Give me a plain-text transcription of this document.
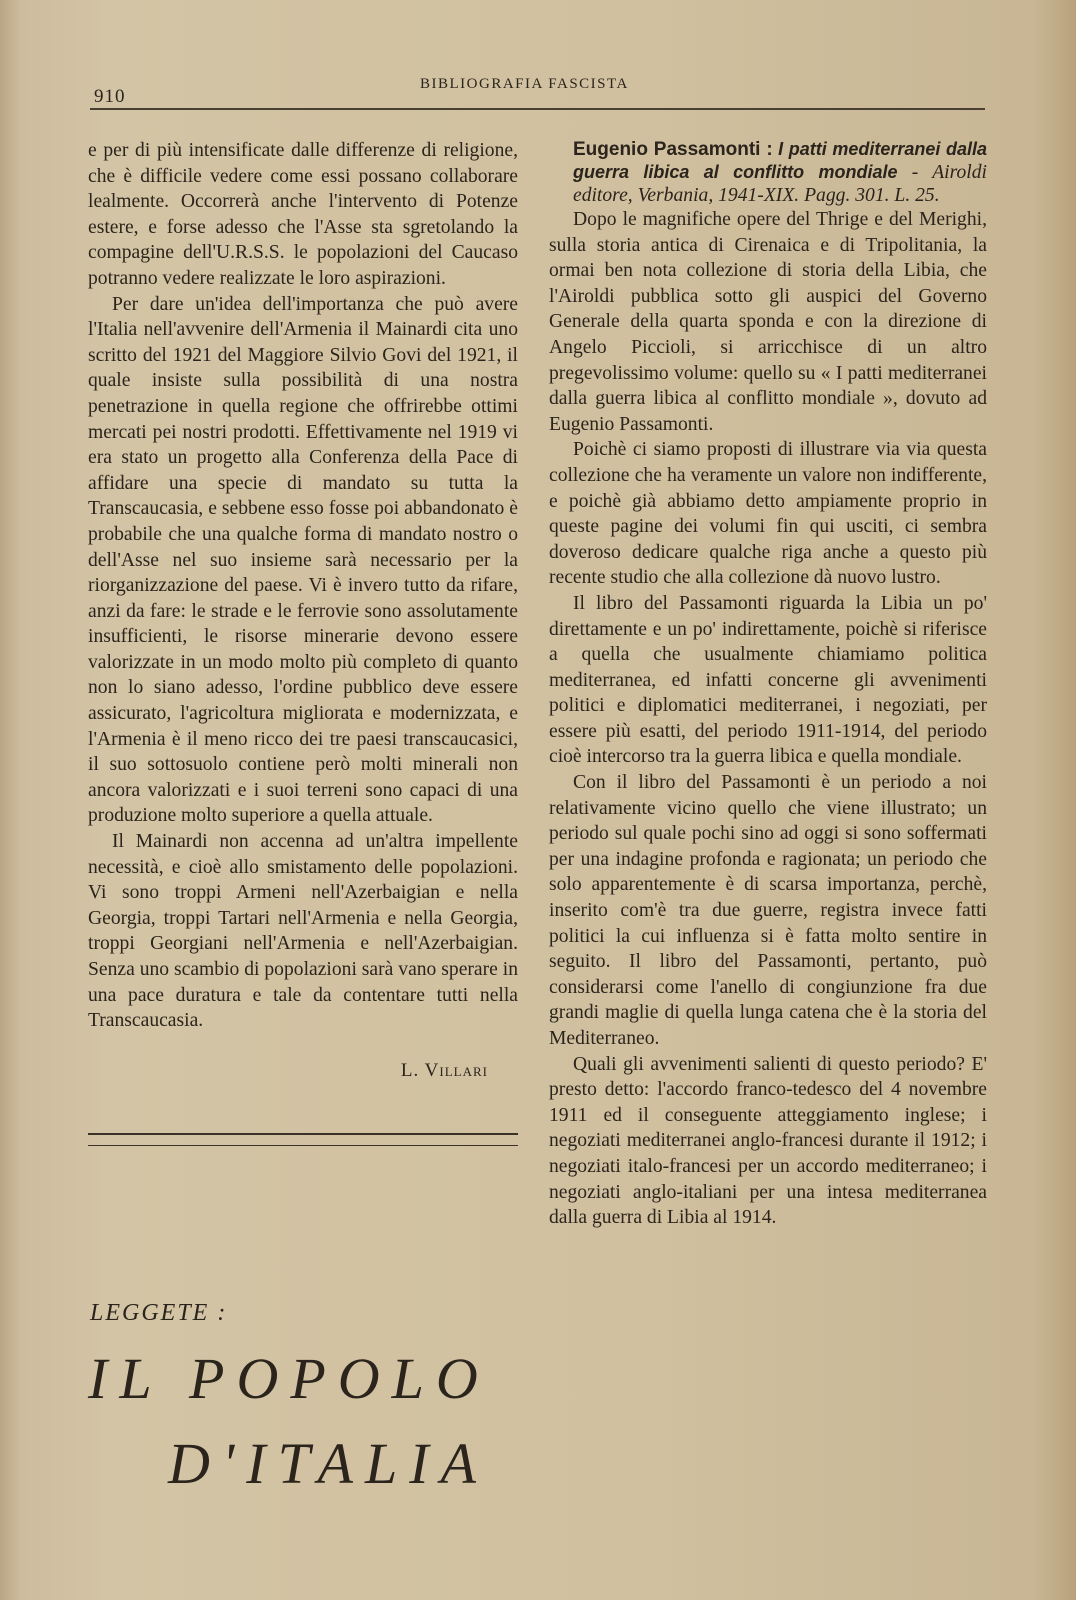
910
BIBLIOGRAFIA FASCISTA

e per di più intensificate dalle differenze di religione, che è difficile vedere come essi possano collaborare lealmente. Occorrerà anche l'intervento di Potenze estere, e forse adesso che l'Asse sta sgretolando la compagine dell'U.R.S.S. le popolazioni del Caucaso potranno vedere realizzate le loro aspirazioni.

Per dare un'idea dell'importanza che può avere l'Italia nell'avvenire dell'Armenia il Mainardi cita uno scritto del 1921 del Maggiore Silvio Govi del 1921, il quale insiste sulla possibilità di una nostra penetrazione in quella regione che offrirebbe ottimi mercati pei nostri prodotti. Effettivamente nel 1919 vi era stato un progetto alla Conferenza della Pace di affidare una specie di mandato su tutta la Transcaucasia, e sebbene esso fosse poi abbandonato è probabile che una qualche forma di mandato nostro o dell'Asse nel suo insieme sarà necessario per la riorganizzazione del paese. Vi è invero tutto da rifare, anzi da fare: le strade e le ferrovie sono assolutamente insufficienti, le risorse minerarie devono essere valorizzate in un modo molto più completo di quanto non lo siano adesso, l'ordine pubblico deve essere assicurato, l'agricoltura migliorata e modernizzata, e l'Armenia è il meno ricco dei tre paesi transcaucasici, il suo sottosuolo contiene però molti minerali non ancora valorizzati e i suoi terreni sono capaci di una produzione molto superiore a quella attuale.

Il Mainardi non accenna ad un'altra impellente necessità, e cioè allo smistamento delle popolazioni. Vi sono troppi Armeni nell'Azerbaigian e nella Georgia, troppi Tartari nell'Armenia e nella Georgia, troppi Georgiani nell'Armenia e nell'Azerbaigian. Senza uno scambio di popolazioni sarà vano sperare in una pace duratura e tale da contentare tutti nella Transcaucasia.

L. Villari
LEGGETE :
IL POPOLO
D'ITALIA

Eugenio Passamonti : I patti mediterranei dalla guerra libica al conflitto mondiale - Airoldi editore, Verbania, 1941-XIX. Pagg. 301. L. 25.

Dopo le magnifiche opere del Thrige e del Merighi, sulla storia antica di Cirenaica e di Tripolitania, la ormai ben nota collezione di storia della Libia, che l'Airoldi pubblica sotto gli auspici del Governo Generale della quarta sponda e con la direzione di Angelo Piccioli, si arricchisce di un altro pregevolissimo volume: quello su « I patti mediterranei dalla guerra libica al conflitto mondiale », dovuto ad Eugenio Passamonti.

Poichè ci siamo proposti di illustrare via via questa collezione che ha veramente un valore non indifferente, e poichè già abbiamo detto ampiamente proprio in queste pagine dei volumi fin qui usciti, ci sembra doveroso dedicare qualche riga anche a questo più recente studio che alla collezione dà nuovo lustro.

Il libro del Passamonti riguarda la Libia un po' direttamente e un po' indirettamente, poichè si riferisce a quella che usualmente chiamiamo politica mediterranea, ed infatti concerne gli avvenimenti politici e diplomatici mediterranei, i negoziati, per essere più esatti, del periodo 1911-1914, del periodo cioè intercorso tra la guerra libica e quella mondiale.

Con il libro del Passamonti è un periodo a noi relativamente vicino quello che viene illustrato; un periodo sul quale pochi sino ad oggi si sono soffermati per una indagine profonda e ragionata; un periodo che solo apparentemente è di scarsa importanza, perchè, inserito com'è tra due guerre, registra invece fatti politici la cui influenza si è fatta molto sentire in seguito. Il libro del Passamonti, pertanto, può considerarsi come l'anello di congiunzione fra due grandi maglie di quella lunga catena che è la storia del Mediterraneo.

Quali gli avvenimenti salienti di questo periodo? E' presto detto: l'accordo franco-tedesco del 4 novembre 1911 ed il conseguente atteggiamento inglese; i negoziati mediterranei anglo-francesi durante il 1912; i negoziati italo-francesi per un accordo mediterraneo; i negoziati anglo-italiani per una intesa mediterranea dalla guerra di Libia al 1914.
